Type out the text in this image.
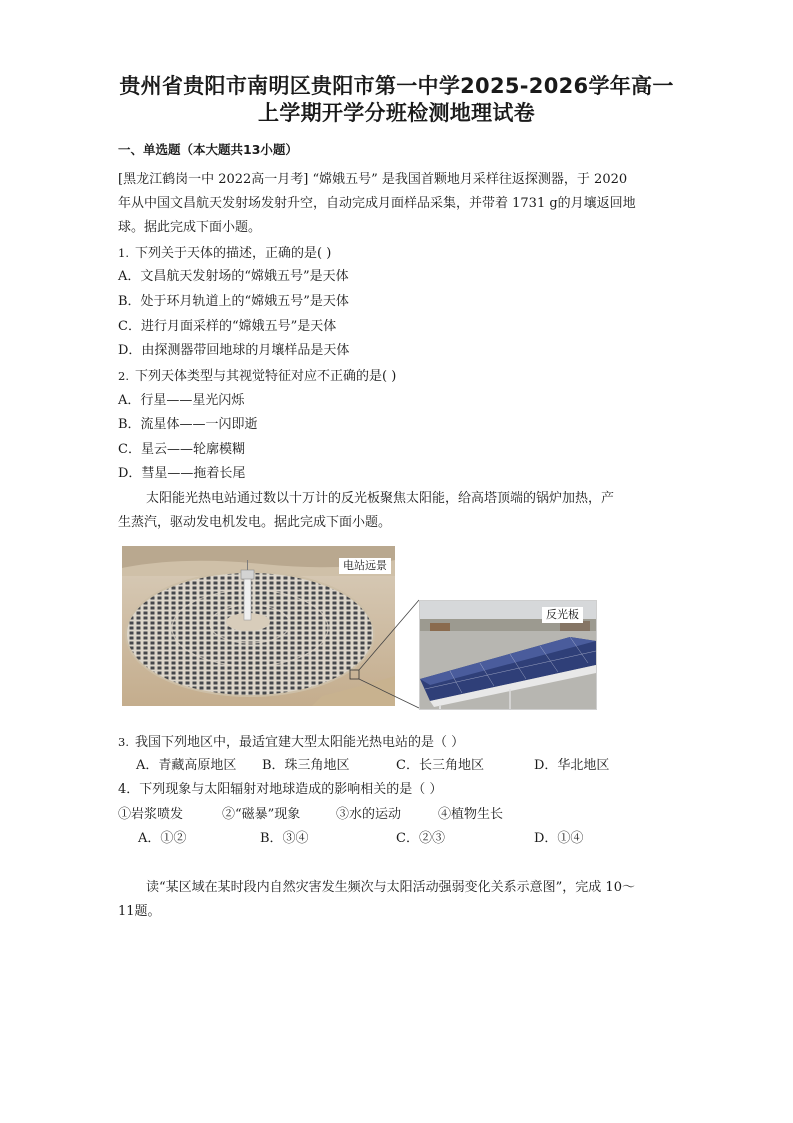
贵州省贵阳市南明区贵阳市第一中学2025-2026学年高一
上学期开学分班检测地理试卷
一、单选题（本大题共13小题）
[黑龙江鹤岗一中 2022高一月考] “嫦娥五号” 是我国首颗地月采样往返探测器，于 2020
年从中国文昌航天发射场发射升空，自动完成月面样品采集，并带着 1731 g的月壤返回地
球。据此完成下面小题。
1. 下列关于天体的描述，正确的是( )
A．文昌航天发射场的“嫦娥五号”是天体
B．处于环月轨道上的“嫦娥五号”是天体
C．进行月面采样的“嫦娥五号”是天体
D．由探测器带回地球的月壤样品是天体
2. 下列天体类型与其视觉特征对应不正确的是( )
A．行星——星光闪烁
B．流星体——一闪即逝
C．星云——轮廓模糊
D．彗星——拖着长尾
太阳能光热电站通过数以十万计的反光板聚焦太阳能，给高塔顶端的锅炉加热，产
生蒸汽，驱动发电机发电。据此完成下面小题。
电站远景
反光板
3. 我国下列地区中，最适宜建大型太阳能光热电站的是（ ）
A．青藏高原地区 B．珠三角地区	C．长三角地区	D．华北地区
4．下列现象与太阳辐射对地球造成的影响相关的是（ ）
①岩浆喷发	②“磁暴”现象	③水的运动	④植物生长
A．①②	B．③④	C．②③	D．①④
读“某区域在某时段内自然灾害发生频次与太阳活动强弱变化关系示意图”，完成 10～
11题。
